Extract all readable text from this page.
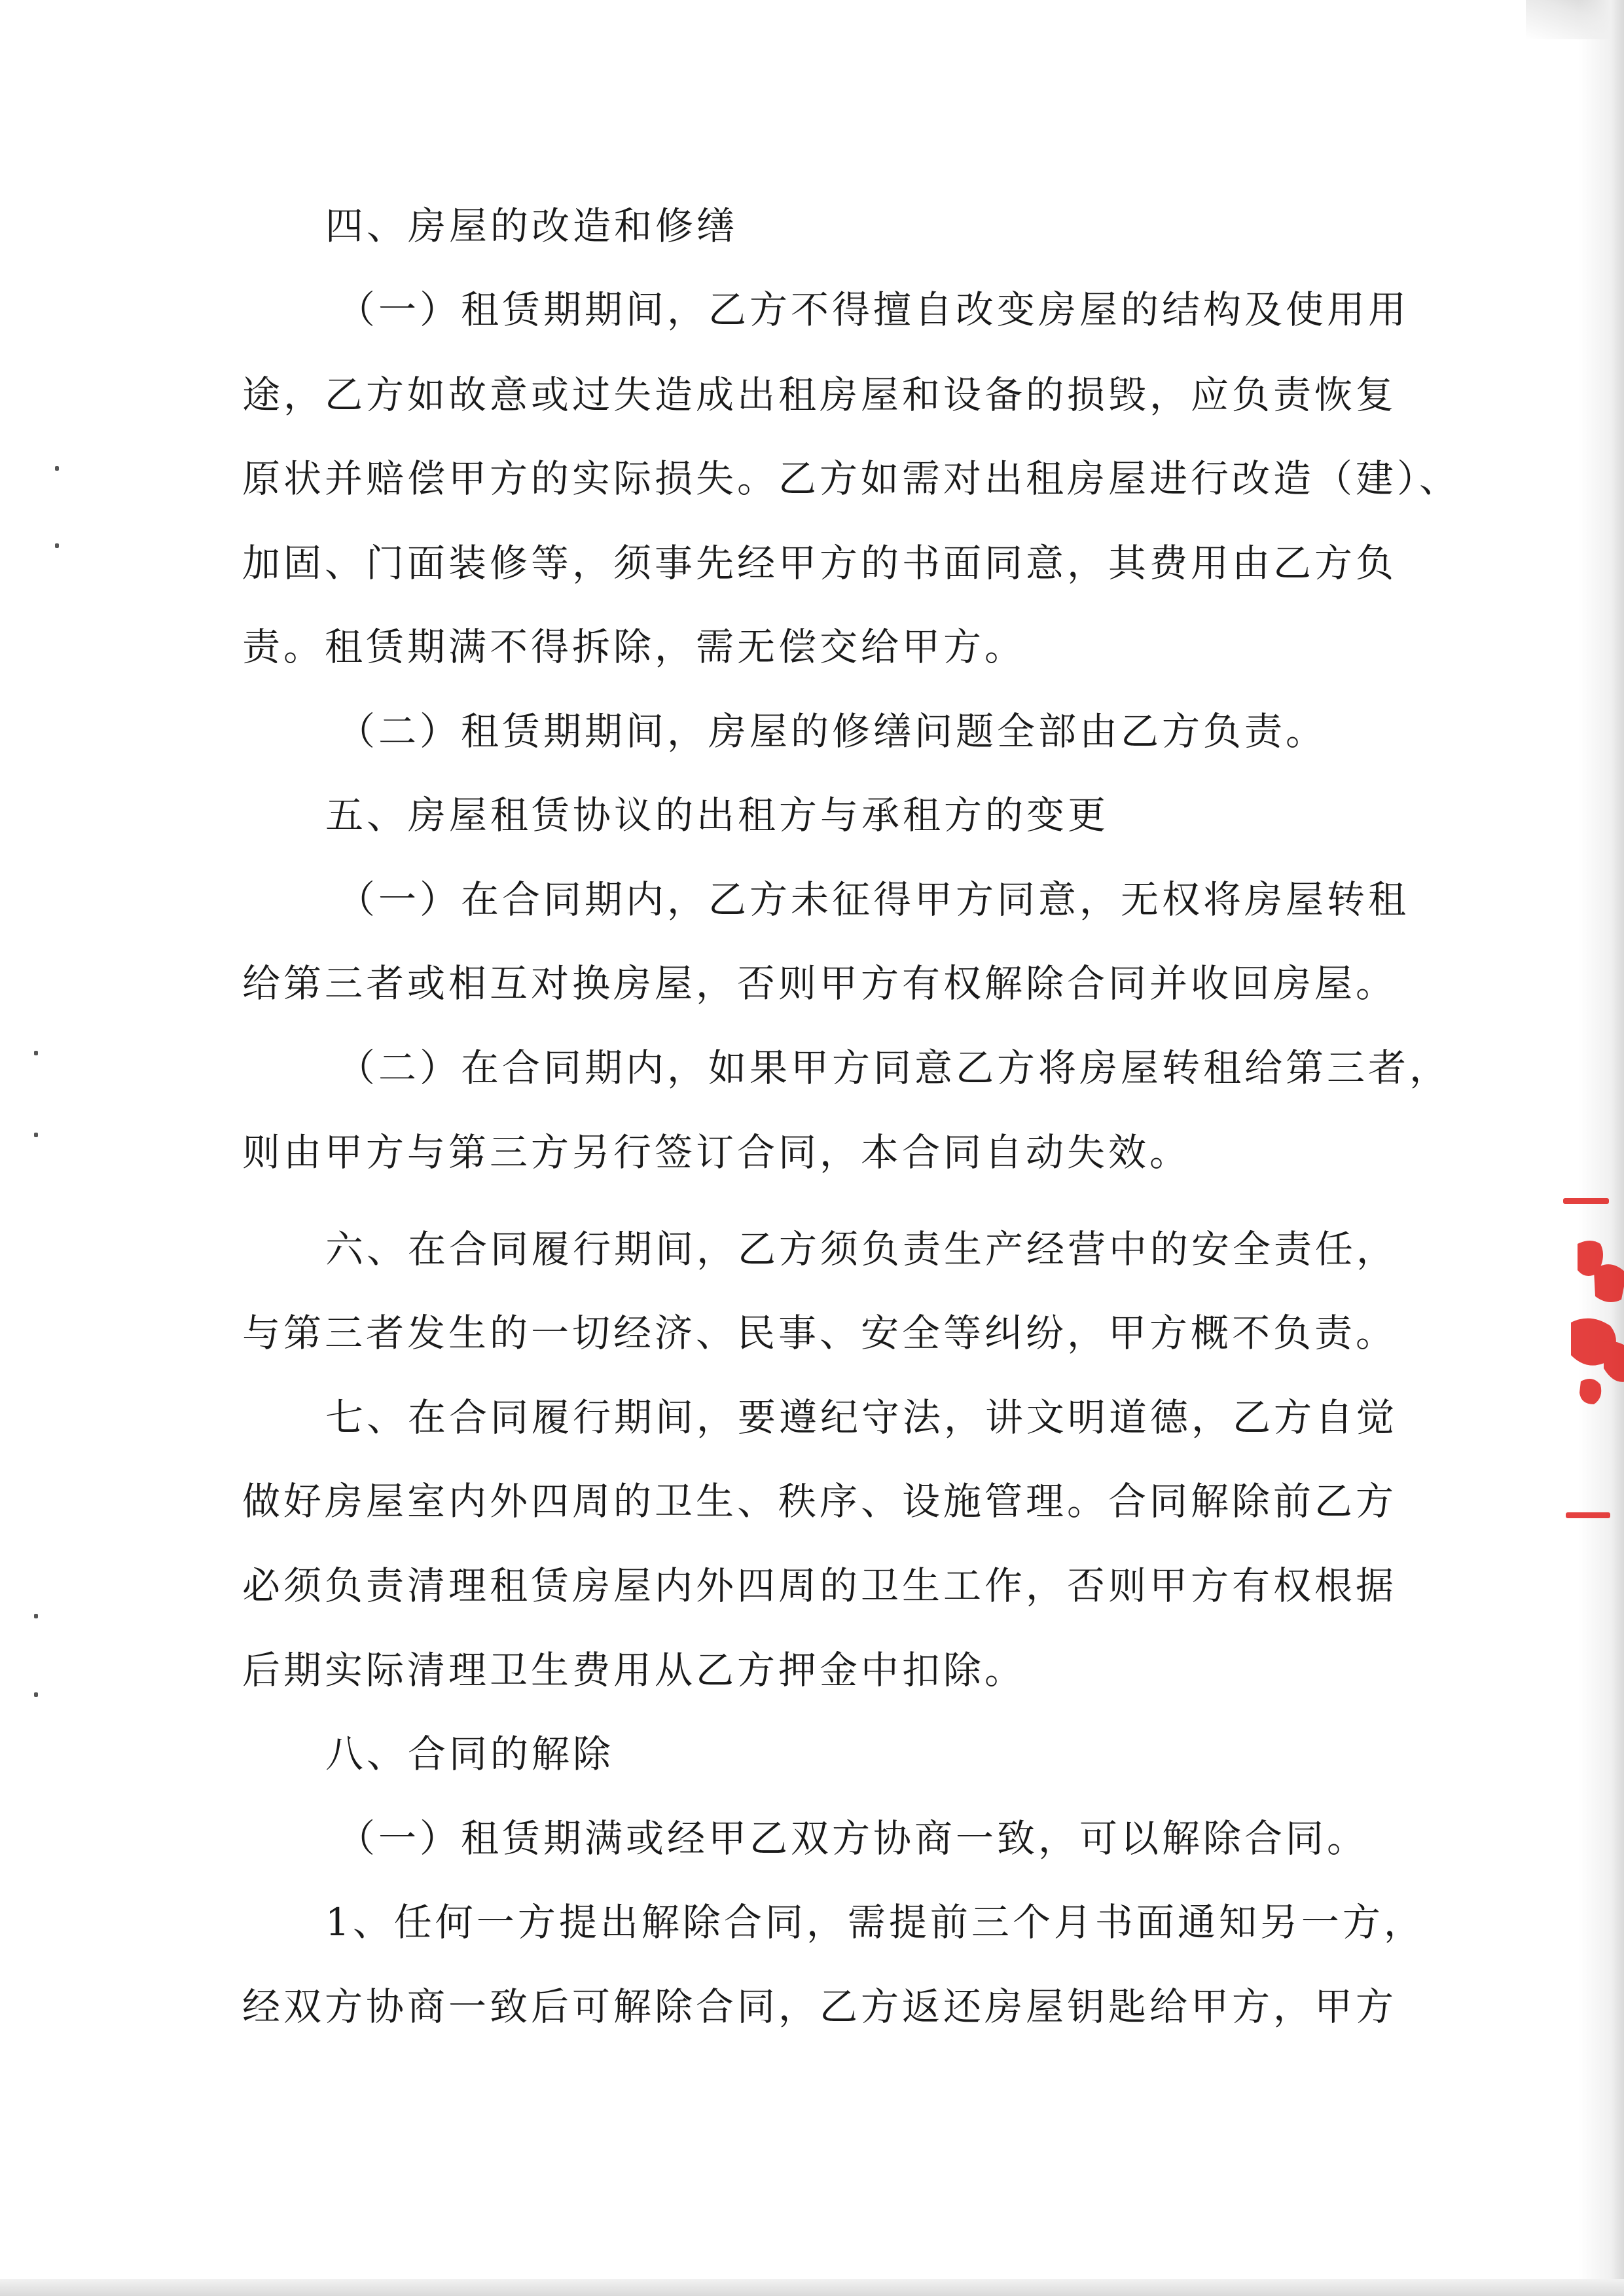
四、房屋的改造和修缮

（一）租赁期期间，乙方不得擅自改变房屋的结构及使用用

途，乙方如故意或过失造成出租房屋和设备的损毁，应负责恢复

原状并赔偿甲方的实际损失。乙方如需对出租房屋进行改造（建）、

加固、门面装修等，须事先经甲方的书面同意，其费用由乙方负

责。租赁期满不得拆除，需无偿交给甲方。

（二）租赁期期间，房屋的修缮问题全部由乙方负责。

五、房屋租赁协议的出租方与承租方的变更

（一）在合同期内，乙方未征得甲方同意，无权将房屋转租

给第三者或相互对换房屋，否则甲方有权解除合同并收回房屋。

（二）在合同期内，如果甲方同意乙方将房屋转租给第三者，

则由甲方与第三方另行签订合同，本合同自动失效。

六、在合同履行期间，乙方须负责生产经营中的安全责任，

与第三者发生的一切经济、民事、安全等纠纷，甲方概不负责。

七、在合同履行期间，要遵纪守法，讲文明道德，乙方自觉

做好房屋室内外四周的卫生、秩序、设施管理。合同解除前乙方

必须负责清理租赁房屋内外四周的卫生工作，否则甲方有权根据

后期实际清理卫生费用从乙方押金中扣除。

八、合同的解除

（一）租赁期满或经甲乙双方协商一致，可以解除合同。

1、任何一方提出解除合同，需提前三个月书面通知另一方，

经双方协商一致后可解除合同，乙方返还房屋钥匙给甲方，甲方
